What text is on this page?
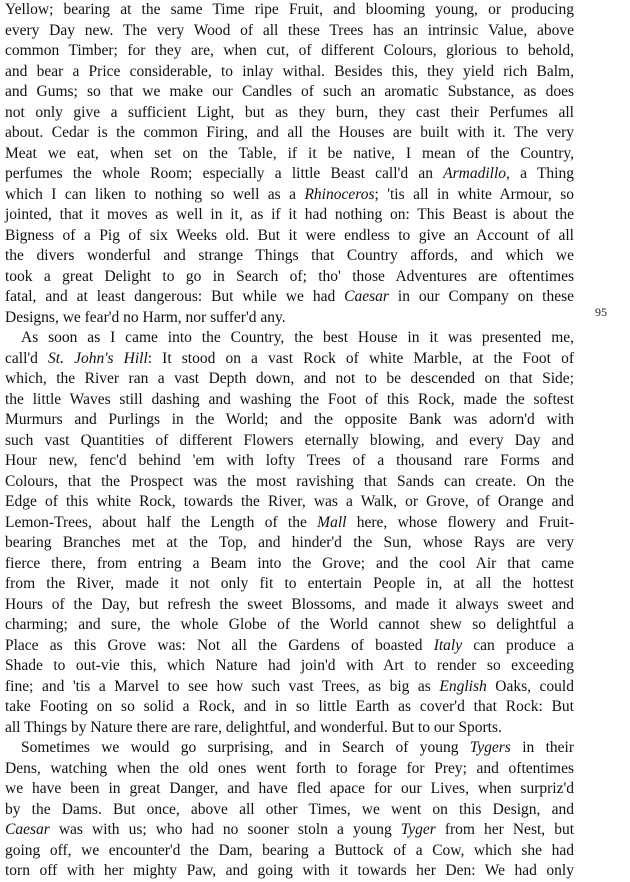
Yellow; bearing at the same Time ripe Fruit, and blooming young, or producing
every Day new. The very Wood of all these Trees has an intrinsic Value, above
common Timber; for they are, when cut, of different Colours, glorious to behold,
and bear a Price considerable, to inlay withal. Besides this, they yield rich Balm,
and Gums; so that we make our Candles of such an aromatic Substance, as does
not only give a sufficient Light, but as they burn, they cast their Perfumes all
about. Cedar is the common Firing, and all the Houses are built with it. The very
Meat we eat, when set on the Table, if it be native, I mean of the Country,
perfumes the whole Room; especially a little Beast call'd an Armadillo, a Thing
which I can liken to nothing so well as a Rhinoceros; 'tis all in white Armour, so
jointed, that it moves as well in it, as if it had nothing on: This Beast is about the
Bigness of a Pig of six Weeks old. But it were endless to give an Account of all
the divers wonderful and strange Things that Country affords, and which we
took a great Delight to go in Search of; tho' those Adventures are oftentimes
fatal, and at least dangerous: But while we had Caesar in our Company on these
Designs, we fear'd no Harm, nor suffer'd any.
As soon as I came into the Country, the best House in it was presented me,
call'd St. John's Hill: It stood on a vast Rock of white Marble, at the Foot of
which, the River ran a vast Depth down, and not to be descended on that Side;
the little Waves still dashing and washing the Foot of this Rock, made the softest
Murmurs and Purlings in the World; and the opposite Bank was adorn'd with
such vast Quantities of different Flowers eternally blowing, and every Day and
Hour new, fenc'd behind 'em with lofty Trees of a thousand rare Forms and
Colours, that the Prospect was the most ravishing that Sands can create. On the
Edge of this white Rock, towards the River, was a Walk, or Grove, of Orange and
Lemon-Trees, about half the Length of the Mall here, whose flowery and Fruit-
bearing Branches met at the Top, and hinder'd the Sun, whose Rays are very
fierce there, from entring a Beam into the Grove; and the cool Air that came
from the River, made it not only fit to entertain People in, at all the hottest
Hours of the Day, but refresh the sweet Blossoms, and made it always sweet and
charming; and sure, the whole Globe of the World cannot shew so delightful a
Place as this Grove was: Not all the Gardens of boasted Italy can produce a
Shade to out-vie this, which Nature had join'd with Art to render so exceeding
fine; and 'tis a Marvel to see how such vast Trees, as big as English Oaks, could
take Footing on so solid a Rock, and in so little Earth as cover'd that Rock: But
all Things by Nature there are rare, delightful, and wonderful. But to our Sports.
Sometimes we would go surprising, and in Search of young Tygers in their
Dens, watching when the old ones went forth to forage for Prey; and oftentimes
we have been in great Danger, and have fled apace for our Lives, when surpriz'd
by the Dams. But once, above all other Times, we went on this Design, and
Caesar was with us; who had no sooner stoln a young Tyger from her Nest, but
going off, we encounter'd the Dam, bearing a Buttock of a Cow, which she had
torn off with her mighty Paw, and going with it towards her Den: We had only
95
